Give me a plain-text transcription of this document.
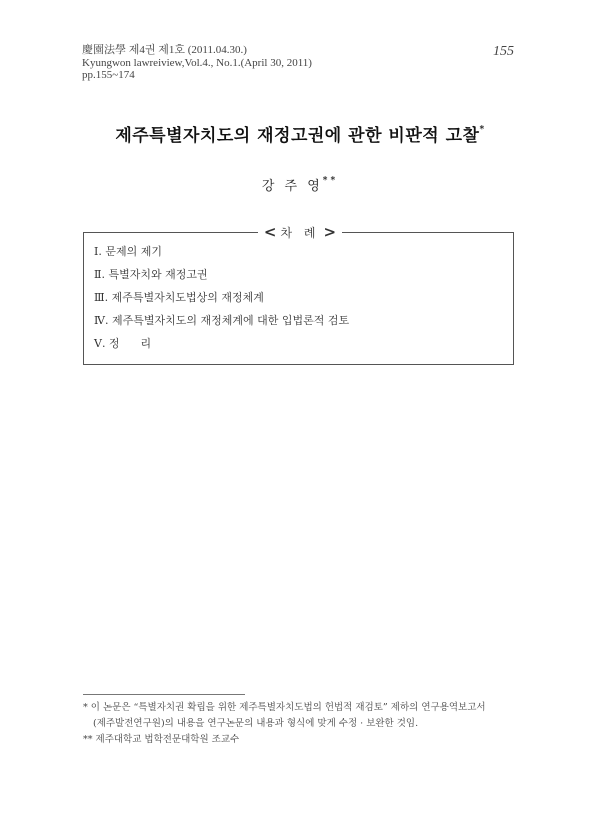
慶園法學 제4권 제1호 (2011.04.30.)
Kyungwon lawreiview,Vol.4., No.1.(April 30, 2011)
pp.155~174
155
제주특별자치도의 재정고권에 관한 비판적 고찰*
강 주 영**
< 차 례 >
Ⅰ. 문제의 제기
Ⅱ. 특별자치와 재정고권
Ⅲ. 제주특별자치도법상의 재정체계
Ⅳ. 제주특별자치도의 재정체계에 대한 입법론적 검토
Ⅴ. 정      리
* 이 논문은 “특별자치권 확립을 위한 제주특별자치도법의 헌법적 재검토” 제하의 연구용역보고서
(제주발전연구원)의 내용을 연구논문의 내용과 형식에 맞게 수정 · 보완한 것임.
** 제주대학교 법학전문대학원 조교수
